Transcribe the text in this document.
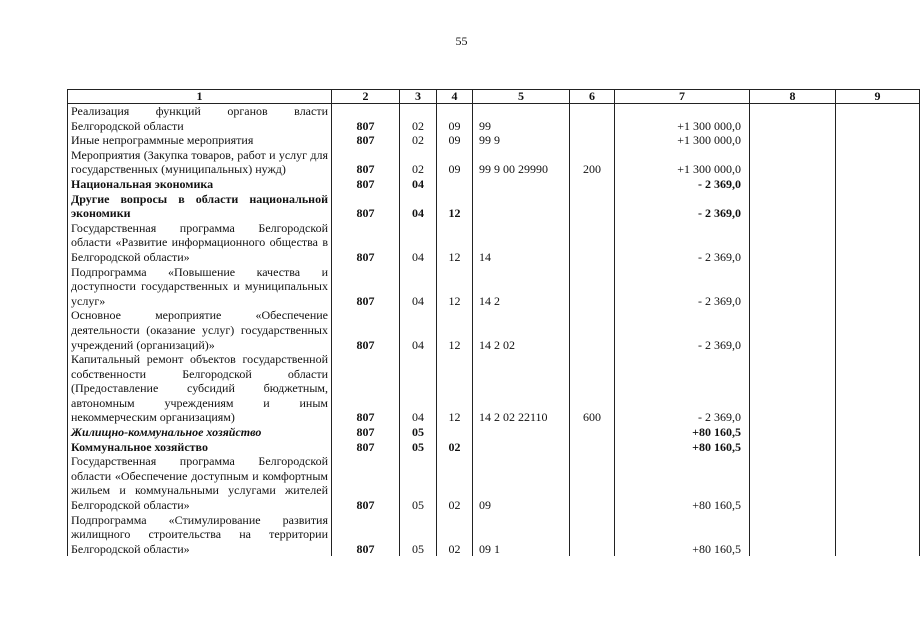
55
1	2	3	4	5	6	7	8	9
Реализация функций органов власти Белгородской области	807	02	09	99		+1 300 000,0		
Иные непрограммные мероприятия	807	02	09	99 9		+1 300 000,0		
Мероприятия (Закупка товаров, работ и услуг для государственных (муниципальных) нужд)	807	02	09	99 9 00 29990	200	+1 300 000,0		
Национальная экономика	807	04				- 2 369,0		
Другие вопросы в области национальной экономики	807	04	12			- 2 369,0		
Государственная программа Белгородской области «Развитие информационного общества в Белгородской области»	807	04	12	14		- 2 369,0		
Подпрограмма «Повышение качества и доступности государственных и муниципальных услуг»	807	04	12	14 2		- 2 369,0		
Основное мероприятие «Обеспечение деятельности (оказание услуг) государственных учреждений (организаций)»	807	04	12	14 2 02		- 2 369,0		
Капитальный ремонт объектов государственной собственности Белгородской области (Предоставление субсидий бюджетным, автономным учреждениям и иным некоммерческим организациям)	807	04	12	14 2 02 22110	600	- 2 369,0		
Жилищно-коммунальное хозяйство	807	05				+80 160,5		
Коммунальное хозяйство	807	05	02			+80 160,5		
Государственная программа Белгородской области «Обеспечение доступным и комфортным жильем и коммунальными услугами жителей Белгородской области»	807	05	02	09		+80 160,5		
Подпрограмма «Стимулирование развития жилищного строительства на территории Белгородской области»	807	05	02	09 1		+80 160,5		
